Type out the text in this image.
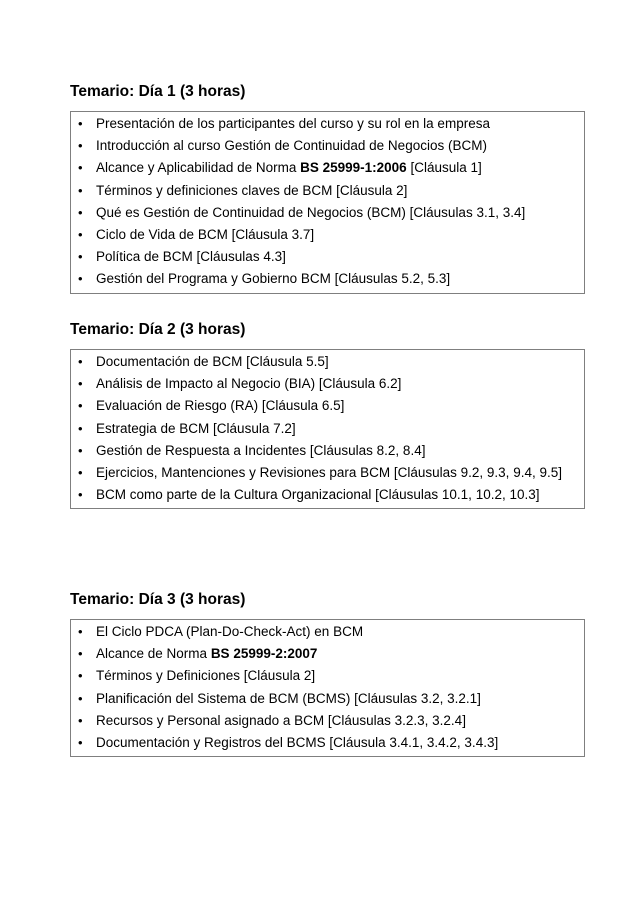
Temario: Día 1 (3 horas)
• Presentación de los participantes del curso y su rol en la empresa
• Introducción al curso Gestión de Continuidad de Negocios (BCM)
• Alcance y Aplicabilidad de Norma BS 25999-1:2006 [Cláusula 1]
• Términos y definiciones claves de BCM [Cláusula 2]
• Qué es Gestión de Continuidad de Negocios (BCM) [Cláusulas 3.1, 3.4]
• Ciclo de Vida de BCM [Cláusula 3.7]
• Política de BCM [Cláusulas 4.3]
• Gestión del Programa y Gobierno BCM [Cláusulas 5.2, 5.3]
Temario: Día 2 (3 horas)
• Documentación de BCM [Cláusula 5.5]
• Análisis de Impacto al Negocio (BIA) [Cláusula 6.2]
• Evaluación de Riesgo (RA) [Cláusula 6.5]
• Estrategia de BCM [Cláusula 7.2]
• Gestión de Respuesta a Incidentes [Cláusulas 8.2, 8.4]
• Ejercicios, Mantenciones y Revisiones para BCM [Cláusulas 9.2, 9.3, 9.4, 9.5]
• BCM como parte de la Cultura Organizacional [Cláusulas 10.1, 10.2, 10.3]
Temario: Día 3 (3 horas)
• El Ciclo PDCA (Plan-Do-Check-Act) en BCM
• Alcance de Norma BS 25999-2:2007
• Términos y Definiciones [Cláusula 2]
• Planificación del Sistema de BCM (BCMS) [Cláusulas 3.2, 3.2.1]
• Recursos y Personal asignado a BCM [Cláusulas 3.2.3, 3.2.4]
• Documentación y Registros del BCMS [Cláusula 3.4.1, 3.4.2, 3.4.3]
